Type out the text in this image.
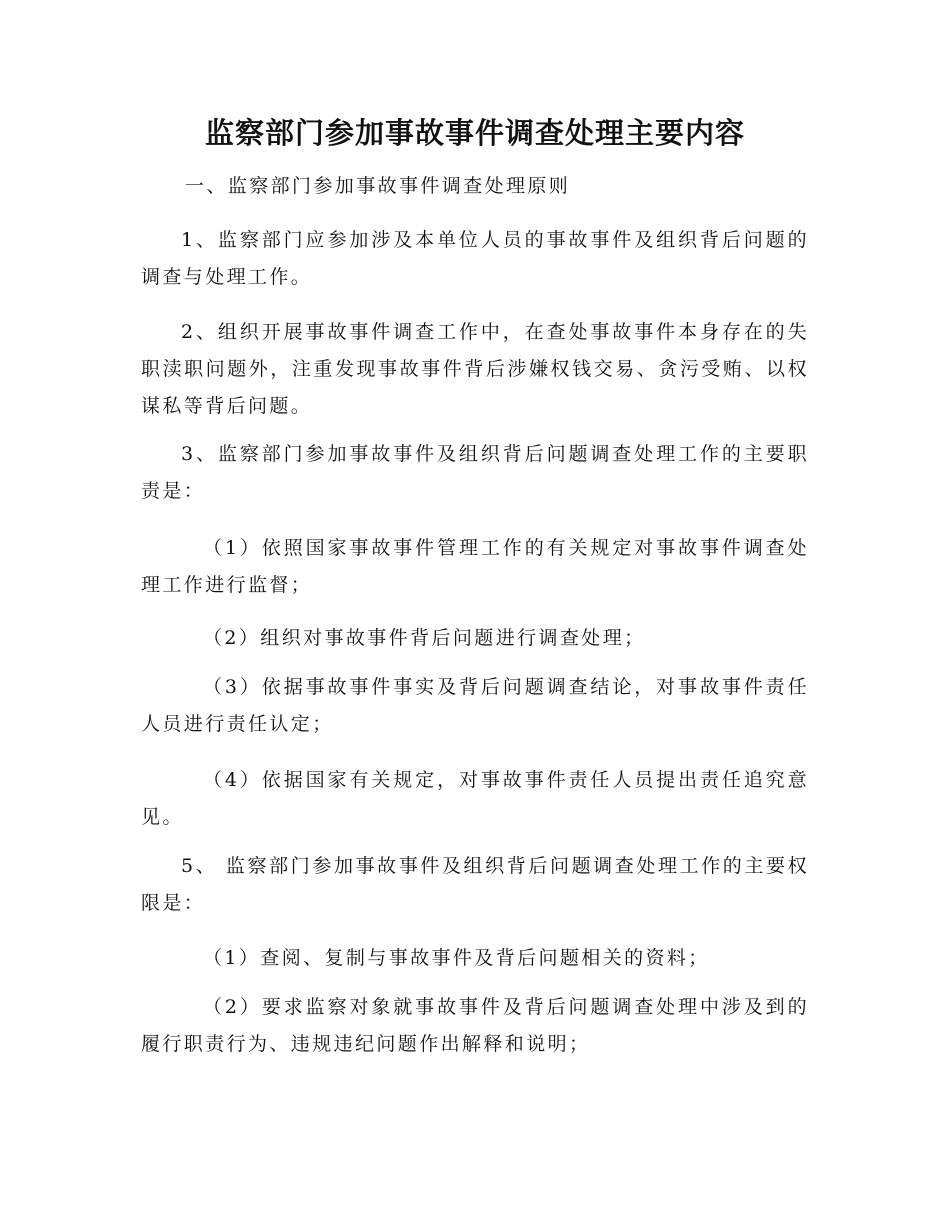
监察部门参加事故事件调查处理主要内容

一、监察部门参加事故事件调查处理原则

1、监察部门应参加涉及本单位人员的事故事件及组织背后问题的调查与处理工作。

2、组织开展事故事件调查工作中，在查处事故事件本身存在的失职渎职问题外，注重发现事故事件背后涉嫌权钱交易、贪污受贿、以权谋私等背后问题。

3、监察部门参加事故事件及组织背后问题调查处理工作的主要职责是：

（1）依照国家事故事件管理工作的有关规定对事故事件调查处理工作进行监督；

（2）组织对事故事件背后问题进行调查处理；

（3）依据事故事件事实及背后问题调查结论，对事故事件责任人员进行责任认定；

（4）依据国家有关规定，对事故事件责任人员提出责任追究意见。

5、 监察部门参加事故事件及组织背后问题调查处理工作的主要权限是：

（1）查阅、复制与事故事件及背后问题相关的资料；

（2）要求监察对象就事故事件及背后问题调查处理中涉及到的履行职责行为、违规违纪问题作出解释和说明；
